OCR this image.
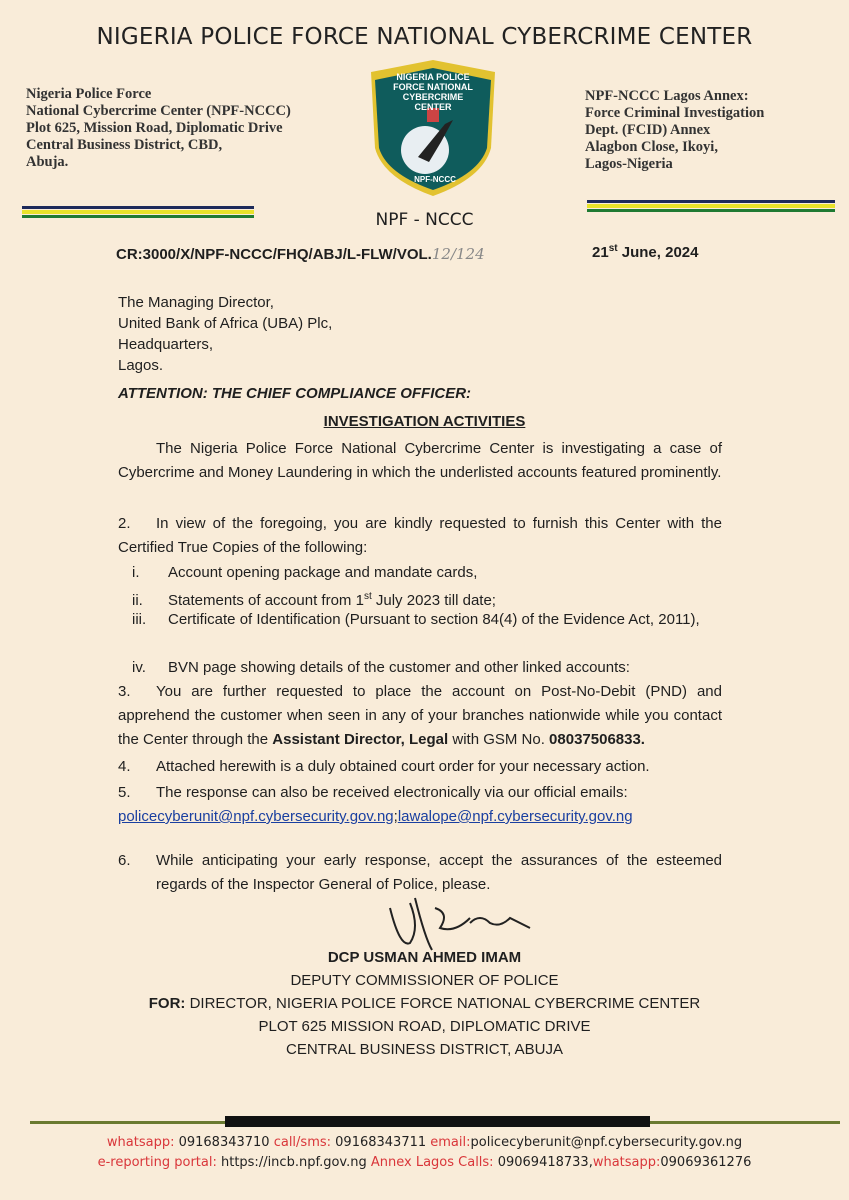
NIGERIA POLICE FORCE NATIONAL CYBERCRIME CENTER
Nigeria Police Force
National Cybercrime Center (NPF-NCCC)
Plot 625, Mission Road, Diplomatic Drive
Central Business District, CBD,
Abuja.
NPF-NCCC Lagos Annex:
Force Criminal Investigation
Dept. (FCID) Annex
Alagbon Close, Ikoyi,
Lagos-Nigeria
NPF-NCCC
NIGERIA POLICE FORCE NATIONAL CYBERCRIME CENTER
NPF - NCCC
CR:3000/X/NPF-NCCC/FHQ/ABJ/L-FLW/VOL.12/124	21st June, 2024
The Managing Director,
United Bank of Africa (UBA) Plc,
Headquarters,
Lagos.
ATTENTION: THE CHIEF COMPLIANCE OFFICER:
INVESTIGATION ACTIVITIES
The Nigeria Police Force National Cybercrime Center is investigating a case of Cybercrime and Money Laundering in which the underlisted accounts featured prominently.
2. In view of the foregoing, you are kindly requested to furnish this Center with the Certified True Copies of the following:
i. Account opening package and mandate cards,
ii. Statements of account from 1st July 2023 till date;
iii. Certificate of Identification (Pursuant to section 84(4) of the Evidence Act, 2011),
iv. BVN page showing details of the customer and other linked accounts:
3. You are further requested to place the account on Post-No-Debit (PND) and apprehend the customer when seen in any of your branches nationwide while you contact the Center through the Assistant Director, Legal with GSM No. 08037506833.
4. Attached herewith is a duly obtained court order for your necessary action.
5. The response can also be received electronically via our official emails:
policecyberunit@npf.cybersecurity.gov.ng;lawalope@npf.cybersecurity.gov.ng
6. While anticipating your early response, accept the assurances of the esteemed regards of the Inspector General of Police, please.
DCP USMAN AHMED IMAM
DEPUTY COMMISSIONER OF POLICE
FOR: DIRECTOR, NIGERIA POLICE FORCE NATIONAL CYBERCRIME CENTER
PLOT 625 MISSION ROAD, DIPLOMATIC DRIVE
CENTRAL BUSINESS DISTRICT, ABUJA
whatsapp: 09168343710 call/sms: 09168343711 email:policecyberunit@npf.cybersecurity.gov.ng
e-reporting portal: https://incb.npf.gov.ng Annex Lagos Calls: 09069418733,whatsapp:09069361276
